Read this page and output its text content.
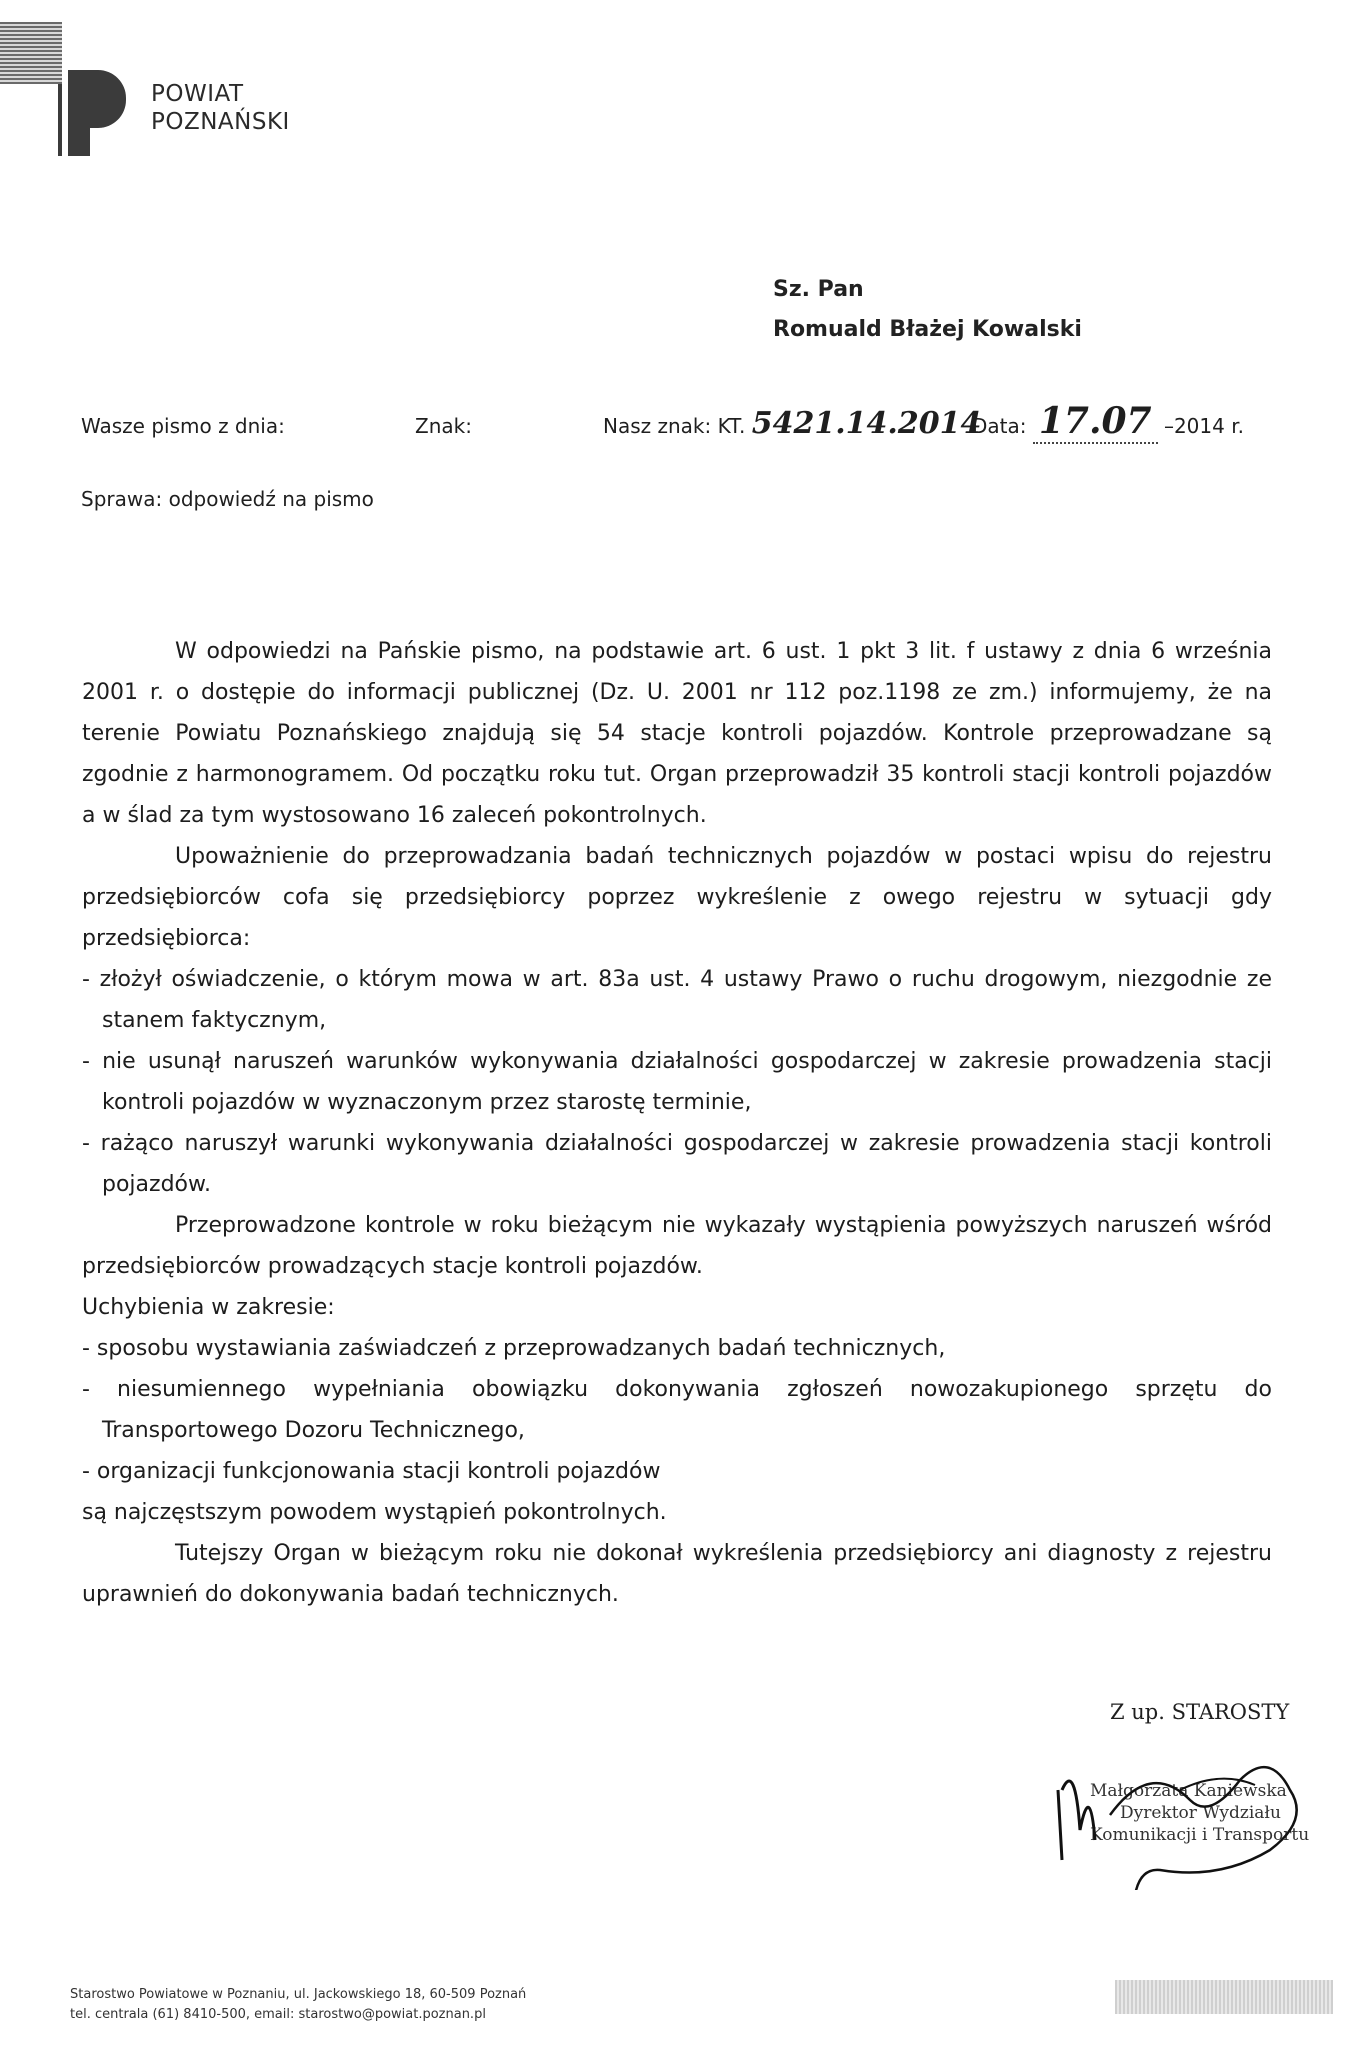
POWIAT
POZNAŃSKI
Sz. Pan
Romuald Błażej Kowalski
Wasze pismo z dnia:	Znak:	Nasz znak: KT. 5421.14.2014
Data: 17.07 –2014 r.
Sprawa: odpowiedź na pismo

W odpowiedzi na Pańskie pismo, na podstawie art. 6 ust. 1 pkt 3 lit. f ustawy z dnia 6 września 2001 r. o dostępie do informacji publicznej (Dz. U. 2001 nr 112 poz.1198 ze zm.) informujemy, że na terenie Powiatu Poznańskiego znajdują się 54 stacje kontroli pojazdów. Kontrole przeprowadzane są zgodnie z harmonogramem. Od początku roku tut. Organ przeprowadził 35 kontroli stacji kontroli pojazdów a w ślad za tym wystosowano 16 zaleceń pokontrolnych.

Upoważnienie do przeprowadzania badań technicznych pojazdów w postaci wpisu do rejestru przedsiębiorców cofa się przedsiębiorcy poprzez wykreślenie z owego rejestru w sytuacji gdy przedsiębiorca:

- złożył oświadczenie, o którym mowa w art. 83a ust. 4 ustawy Prawo o ruchu drogowym, niezgodnie ze stanem faktycznym,

- nie usunął naruszeń warunków wykonywania działalności gospodarczej w zakresie prowadzenia stacji kontroli pojazdów w wyznaczonym przez starostę terminie,

- rażąco naruszył warunki wykonywania działalności gospodarczej w zakresie prowadzenia stacji kontroli pojazdów.

Przeprowadzone kontrole w roku bieżącym nie wykazały wystąpienia powyższych naruszeń wśród przedsiębiorców prowadzących stacje kontroli pojazdów.

Uchybienia w zakresie:

- sposobu wystawiania zaświadczeń z przeprowadzanych badań technicznych,

- niesumiennego wypełniania obowiązku dokonywania zgłoszeń nowozakupionego sprzętu do Transportowego Dozoru Technicznego,

- organizacji funkcjonowania stacji kontroli pojazdów

są najczęstszym powodem wystąpień pokontrolnych.

Tutejszy Organ w bieżącym roku nie dokonał wykreślenia przedsiębiorcy ani diagnosty z rejestru uprawnień do dokonywania badań technicznych.

Z up. STAROSTY
Małgorzata Kaniewska
Dyrektor Wydziału
Komunikacji i Transportu
Starostwo Powiatowe w Poznaniu, ul. Jackowskiego 18, 60-509 Poznań
tel. centrala (61) 8410-500, email: starostwo@powiat.poznan.pl
